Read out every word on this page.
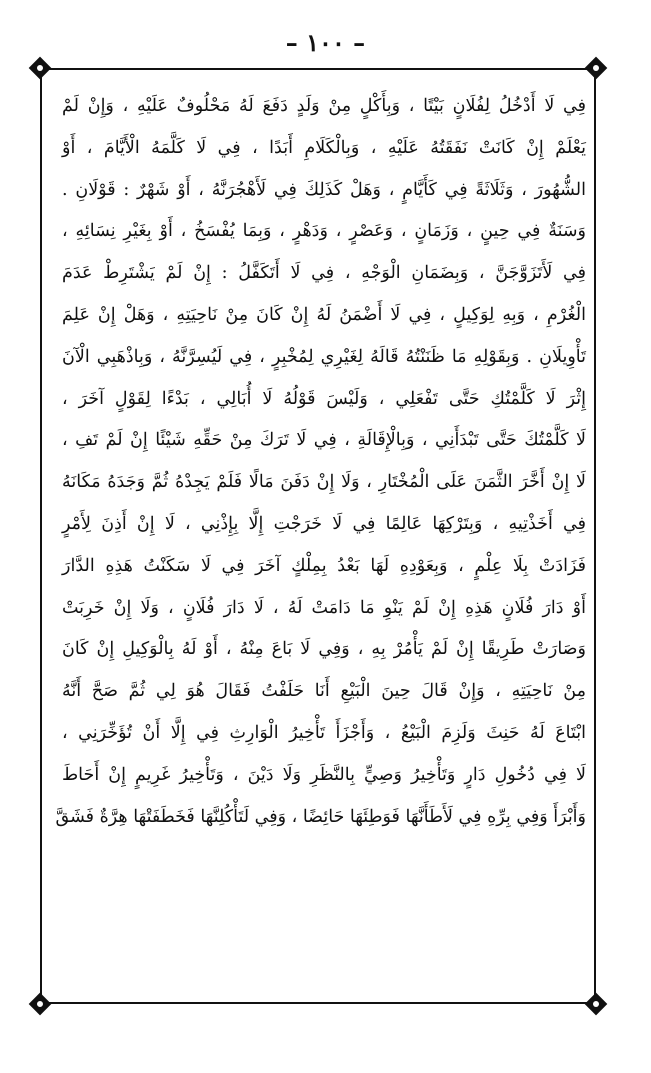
– ١٠٠ –
فِي لَا أَدْخُلُ لِفُلَانٍ بَيْتًا ، وَبِأَكْلٍ مِنْ وَلَدٍ دَفَعَ لَهُ مَحْلُوفٌ عَلَيْهِ ، وَإِنْ لَمْ
يَعْلَمْ إِنْ كَانَتْ نَفَقَتُهُ عَلَيْهِ ، وَبِالْكَلَامِ أَبَدًا ، فِي لَا كَلَّمَهُ الْأَيَّامَ ، أَوْ
الشُّهُورَ ، وَثَلَاثَةً فِي كَأَيَّامٍ ، وَهَلْ كَذَلِكَ فِي لَأَهْجُرَنَّهُ ، أَوْ شَهْرٌ : قَوْلَانِ .
وَسَنَةٌ فِي حِينٍ ، وَزَمَانٍ ، وَعَصْرٍ ، وَدَهْرٍ ، وَبِمَا يُفْسَخُ ، أَوْ بِغَيْرِ نِسَائِهِ ،
فِي لَأَتَزَوَّجَنَّ ، وَبِضَمَانِ الْوَجْهِ ، فِي لَا أَتَكَفَّلُ : إِنْ لَمْ يَشْتَرِطْ عَدَمَ
الْغُرْمِ ، وَبِهِ لِوَكِيلٍ ، فِي لَا أَضْمَنُ لَهُ إِنْ كَانَ مِنْ نَاحِيَتِهِ ، وَهَلْ إِنْ عَلِمَ
تَأْوِيلَانِ . وَبِقَوْلِهِ مَا ظَنَنْتُهُ قَالَهُ لِغَيْرِي لِمُخْبِرٍ ، فِي لَيُسِرَّنَّهُ ، وَبِاذْهَبِي الْآنَ
إِثْرَ لَا كَلَّمْتُكِ حَتَّى تَفْعَلِي ، وَلَيْسَ قَوْلُهُ لَا أُبَالِي ، بَدْءًا لِقَوْلٍ آخَرَ ،
لَا كَلَّمْتُكَ حَتَّى تَبْدَأَنِي ، وَبِالْإِقَالَةِ ، فِي لَا تَرَكَ مِنْ حَقِّهِ شَيْئًا إِنْ لَمْ تَفِ ،
لَا إِنْ أَخَّرَ الثَّمَنَ عَلَى الْمُخْتَارِ ، وَلَا إِنْ دَفَنَ مَالًا فَلَمْ يَجِدْهُ ثُمَّ وَجَدَهُ مَكَانَهُ
فِي أَخَذْتِيهِ ، وَبِتَرْكِهَا عَالِمًا فِي لَا خَرَجْتِ إِلَّا بِإِذْنِي ، لَا إِنْ أَذِنَ لِأَمْرٍ
فَزَادَتْ بِلَا عِلْمٍ ، وَبِعَوْدِهِ لَهَا بَعْدُ بِمِلْكٍ آخَرَ فِي لَا سَكَنْتُ هَذِهِ الدَّارَ
أَوْ دَارَ فُلَانٍ هَذِهِ إِنْ لَمْ يَنْوِ مَا دَامَتْ لَهُ ، لَا دَارَ فُلَانٍ ، وَلَا إِنْ خَرِبَتْ
وَصَارَتْ طَرِيقًا إِنْ لَمْ يَأْمُرْ بِهِ ، وَفِي لَا بَاعَ مِنْهُ ، أَوْ لَهُ بِالْوَكِيلِ إِنْ كَانَ
مِنْ نَاحِيَتِهِ ، وَإِنْ قَالَ حِينَ الْبَيْعِ أَنَا حَلَفْتُ فَقَالَ هُوَ لِي ثُمَّ صَحَّ أَنَّهُ
ابْتَاعَ لَهُ حَنِثَ وَلَزِمَ الْبَيْعُ ، وَأَجْزَأَ تَأْخِيرُ الْوَارِثِ فِي إِلَّا أَنْ تُؤَخِّرَنِي ،
لَا فِي دُخُولِ دَارٍ وَتَأْخِيرُ وَصِيٍّ بِالنَّظَرِ وَلَا دَيْنَ ، وَتَأْخِيرُ غَرِيمٍ إِنْ أَحَاطَ
وَأَبْرَأَ وَفِي بِرِّهِ فِي لَأَطَأَنَّهَا فَوَطِئَهَا حَائِضًا ، وَفِي لَتَأْكُلِنَّهَا فَخَطَفَتْهَا هِرَّةٌ فَشَقَّ
